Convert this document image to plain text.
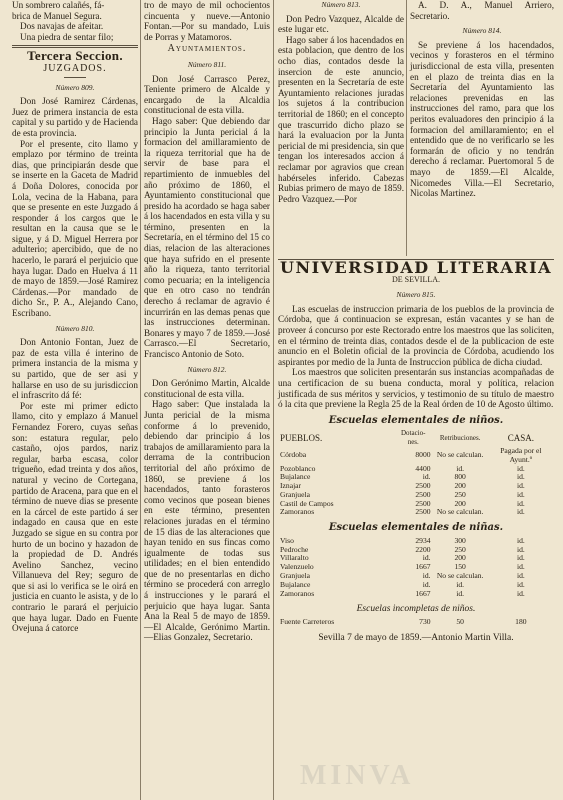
Un sombrero calañés, fá-

brica de Manuel Segura.

Dos navajas de afeitar.

Una piedra de sentar filo;

Tercera Seccion.
JUZGADOS.
Número 809.

Don José Ramirez Cárdenas, Juez de primera instancia de esta capital y su partido y de Hacienda de esta provincia.

Por el presente, cito llamo y emplazo por término de treinta dias, que principiarán desde que se inserte en la Gaceta de Madrid á Doña Dolores, conocida por Lola, vecina de la Habana, para que se presente en este Juzgado á responder á los cargos que le resultan en la causa que se le sigue, y á D. Miguel Herrera por adulterio; apercibido, que de no hacerlo, le parará el perjuicio que haya lugar. Dado en Huelva á 11 de mayo de 1859.—José Ramirez Cárdenas.—Por mandado de dicho Sr., P. A., Alejando Cano, Escribano.

Número 810.

Don Antonio Fontan, Juez de paz de esta villa é interino de primera instancia de la misma y su partido, que de ser asi y hallarse en uso de su jurisdiccion el infrascrito dá fé:

Por este mi primer edicto llamo, cito y emplazo á Manuel Fernandez Forero, cuyas señas son: estatura regular, pelo castaño, ojos pardos, nariz regular, barba escasa, color trigueño, edad treinta y dos años, natural y vecino de Cortegana, partido de Aracena, para que en el término de nueve dias se presente en la cárcel de este partido á ser indagado en causa que en este Juzgado se sigue en su contra por hurto de un bocino y hazadon de la propiedad de D. Andrés Avelino Sanchez, vecino Villanueva del Rey; seguro de que si asi lo verifica se le oirá en justicia en cuanto le asista, y de lo contrario le parará el perjuicio que haya lugar. Dado en Fuente Ovejuna á catorce

tro de mayo de mil ochocientos cincuenta y nueve.—Antonio Fontan.—Por su mandado, Luis de Porras y Matamoros.

Ayuntamientos.
Número 811.

Don José Carrasco Perez, Teniente primero de Alcalde y encargado de la Alcaldia constitucional de esta villa.

Hago saber: Que debiendo dar principio la Junta pericial á la formacion del amillaramiento de la riqueza territorial que ha de servir de base para el repartimiento de inmuebles del año próximo de 1860, el Ayuntamiento constitucional que presido ha acordado se haga saber á los hacendados en esta villa y su término, presenten en la Secretaría, en el término del 15 co dias, relacion de las alteraciones que haya sufrido en el presente año la riqueza, tanto territorial como pecuaria; en la inteligencia que en otro caso no tendrán derecho á reclamar de agravio é incurrirán en las demas penas que las instrucciones determinan. Bonares y mayo 7 de 1859.—José Carrasco.—El Secretario, Francisco Antonio de Soto.

Número 812.

Don Gerónimo Martin, Alcalde constitucional de esta villa.

Hago saber: Que instalada la Junta pericial de la misma conforme á lo prevenido, debiendo dar principio á los trabajos de amillaramiento para la derrama de la contribucion territorial del año próximo de 1860, se previene á los hacendados, tanto forasteros como vecinos que posean bienes en este término, presenten relaciones juradas en el término de 15 dias de las alteraciones que hayan tenido en sus fincas como igualmente de todas sus utilidades; en el bien entendido que de no presentarlas en dicho término se procederá con arreglo á instrucciones y le parará el perjuicio que haya lugar. Santa Ana la Real 5 de mayo de 1859.—El Alcalde, Gerónimo Martin.—Elias Gonzalez, Secretario.

Número 813.

Don Pedro Vazquez, Alcalde de este lugar etc.

Hago saber á los hacendados en esta poblacion, que dentro de los ocho dias, contados desde la insercion de este anuncio, presenten en la Secretaría de este Ayuntamiento relaciones juradas los sujetos á la contribucion territorial de 1860; en el concepto que trascurrido dicho plazo se hará la evaluacion por la Junta pericial de mi presidencia, sin que tengan los interesados accion á reclamar por agravios que crean habérseles inferido. Cabezas Rubias primero de mayo de 1859. Pedro Vazquez.—Por

A. D. A., Manuel Arriero, Secretario.

Número 814.

Se previene á los hacendados, vecinos y forasteros en el término jurisdiccional de esta villa, presenten en el plazo de treinta dias en la Secretaría del Ayuntamiento las relaciones prevenidas en las instrucciones del ramo, para que los peritos evaluadores den principio á la formacion del amillaramiento; en el entendido que de no verificarlo se les formarán de oficio y no tendrán derecho á reclamar. Puertomoral 5 de mayo de 1859.—El Alcalde, Nicomedes Villa.—El Secretario, Nicolas Martinez.

UNIVERSIDAD LITERARIA
DE SEVILLA.
Número 815.

Las escuelas de instruccion primaria de los pueblos de la provincia de Córdoba, que á continuacion se expresan, están vacantes y se han de proveer á concurso por este Rectorado entre los maestros que las soliciten, en el término de treinta dias, contados desde el de la publicacion de este anuncio en el Boletin oficial de la provincia de Córdoba, acudiendo los aspirantes por medio de la Junta de Instruccion pública de dicha ciudad.

Los maestros que soliciten presentarán sus instancias acompañadas de una certificacion de su buena conducta, moral y política, relacion justificada de sus méritos y servicios, y testimonio de su título de maestro ó la cita que previene la Regla 25 de la Real órden de 10 de Agosto último.

Escuelas elementales de niños.
PUEBLOS.	Dotacio-
nes.	Retribuciones.	CASA.
Córdoba	8000	No se calculan.	Pagada por el Ayunt.º
Pozoblanco	4400	id.	id.
Bujalance	id.	800	id.
Iznajar	2500	200	id.
Granjuela	2500	250	id.
Castil de Campos	2500	200	id.
Zamoranos	2500	No se calculan.	id.
Escuelas elementales de niñas.
Viso	2934	300	id.
Pedroche	2200	250	id.
Villaralto	id.	200	id.
Valenzuelo	1667	150	id.
Granjuela	id.	No se calculan.	id.
Bujalance	id.	id.	id.
Zamoranos	1667	id.	id.
Escuelas incompletas de niños.
Fuente Carreteros	730	50	180
Sevilla 7 de mayo de 1859.—Antonio Martin Villa.
MINVA
